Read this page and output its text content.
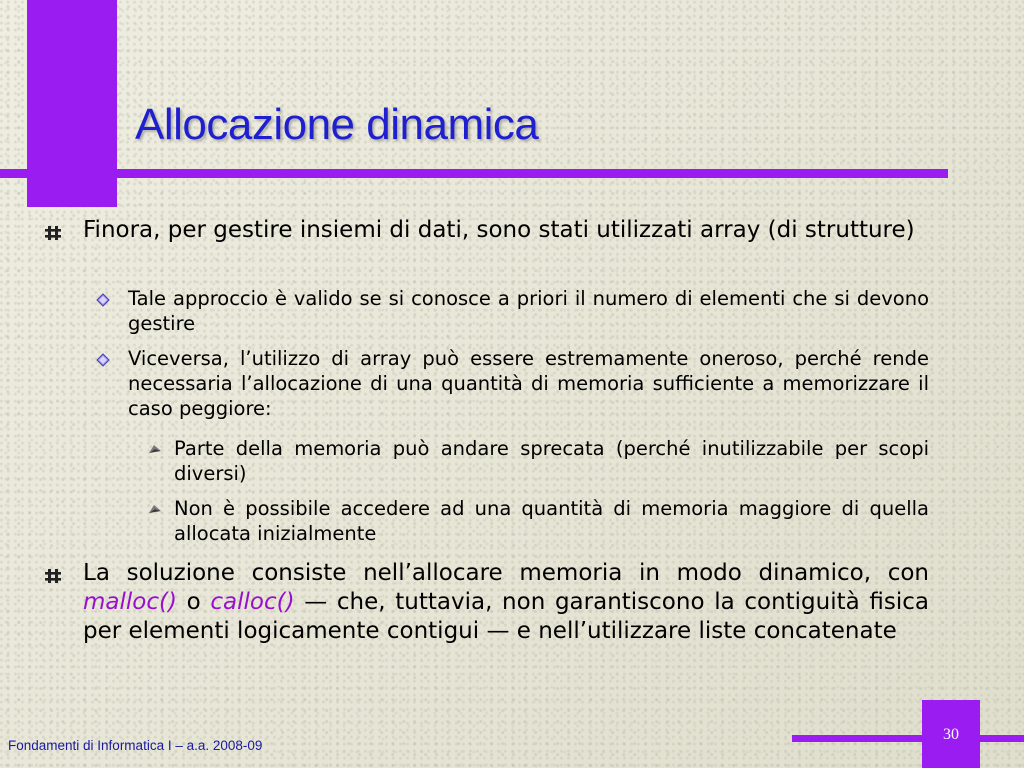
Allocazione dinamica
Finora, per gestire insiemi di dati, sono stati utilizzati array (di strutture)
Tale approccio è valido se si conosce a priori il numero di elementi che si devono gestire
Viceversa, l’utilizzo di array può essere estremamente oneroso, perché rende necessaria l’allocazione di una quantità di memoria sufficiente a memorizzare il caso peggiore:
Parte della memoria può andare sprecata (perché inutilizzabile per scopi diversi)
Non è possibile accedere ad una quantità di memoria maggiore di quella allocata inizialmente
La soluzione consiste nell’allocare memoria in modo dinamico, con malloc() o calloc() — che, tuttavia, non garantiscono la contiguità fisica per elementi logicamente contigui — e nell’utilizzare liste concatenate
30
Fondamenti di Informatica I – a.a. 2008-09
